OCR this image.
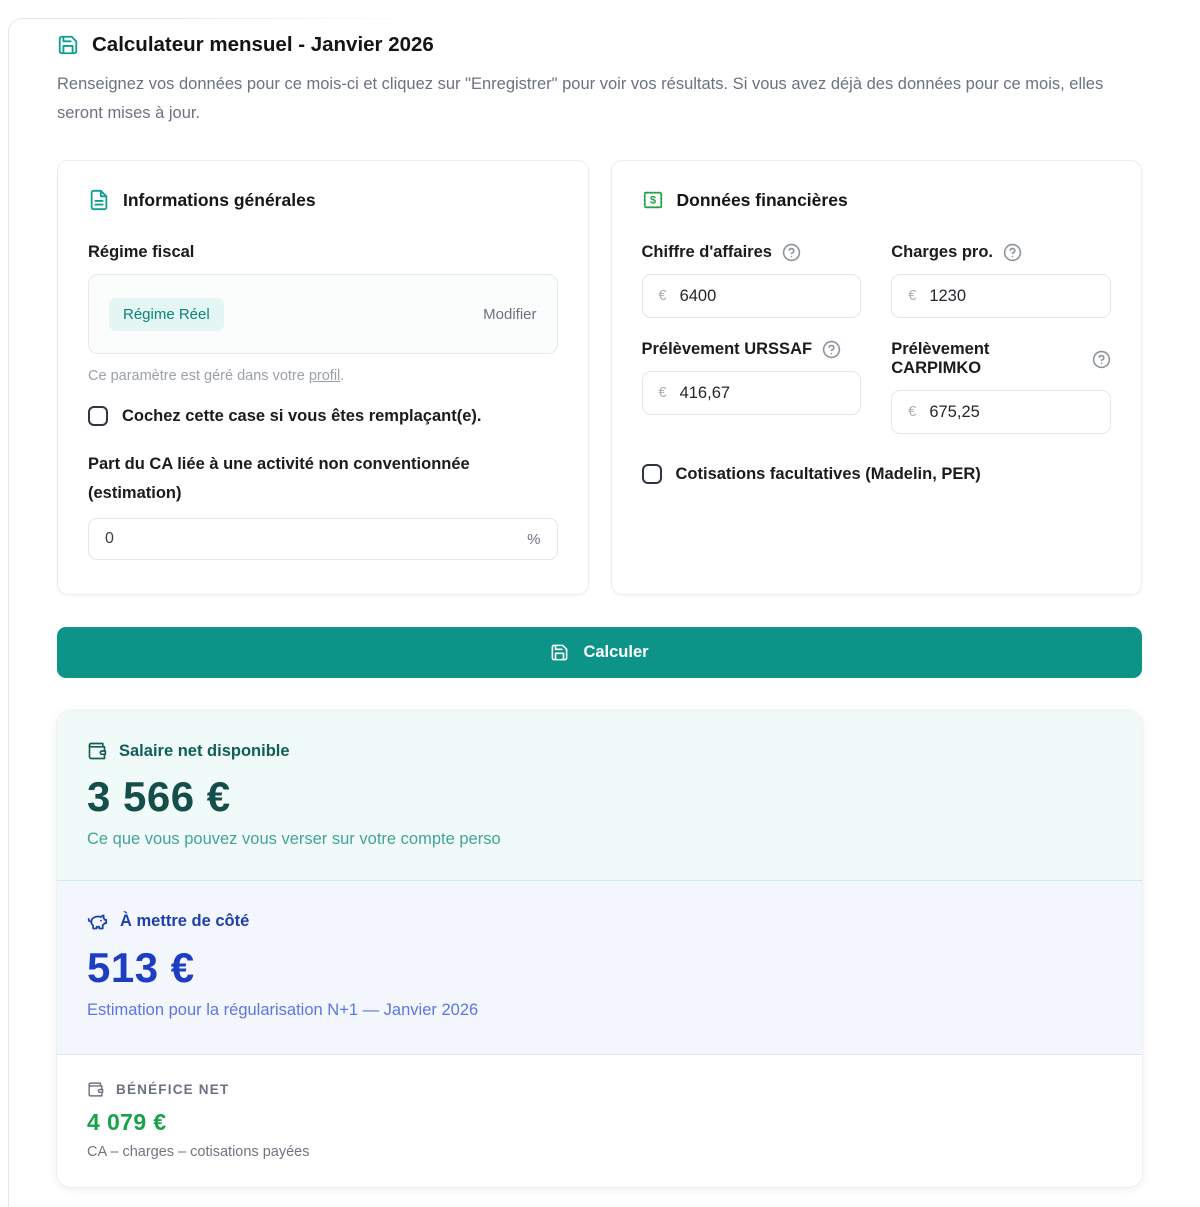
Calculateur mensuel - Janvier 2026

Renseignez vos données pour ce mois-ci et cliquez sur "Enregistrer" pour voir vos résultats. Si vous avez déjà des données pour ce mois, elles seront mises à jour.

Informations générales
Régime fiscal
Régime Réel	Modifier

Ce paramètre est géré dans votre profil.

Cochez cette case si vous êtes remplaçant(e).
Part du CA liée à une activité non conventionnée (estimation)
0
%
$ Données financières
Chiffre d'affaires
€
6400
Charges pro.
€
1230
Prélèvement URSSAF
€
416,67
Prélèvement CARPIMKO
€
675,25
Cotisations facultatives (Madelin, PER)
Calculer
Salaire net disponible
3 566 €
Ce que vous pouvez vous verser sur votre compte perso
À mettre de côté
513 €
Estimation pour la régularisation N+1 — Janvier 2026
BÉNÉFICE NET
4 079 €
CA – charges – cotisations payées
